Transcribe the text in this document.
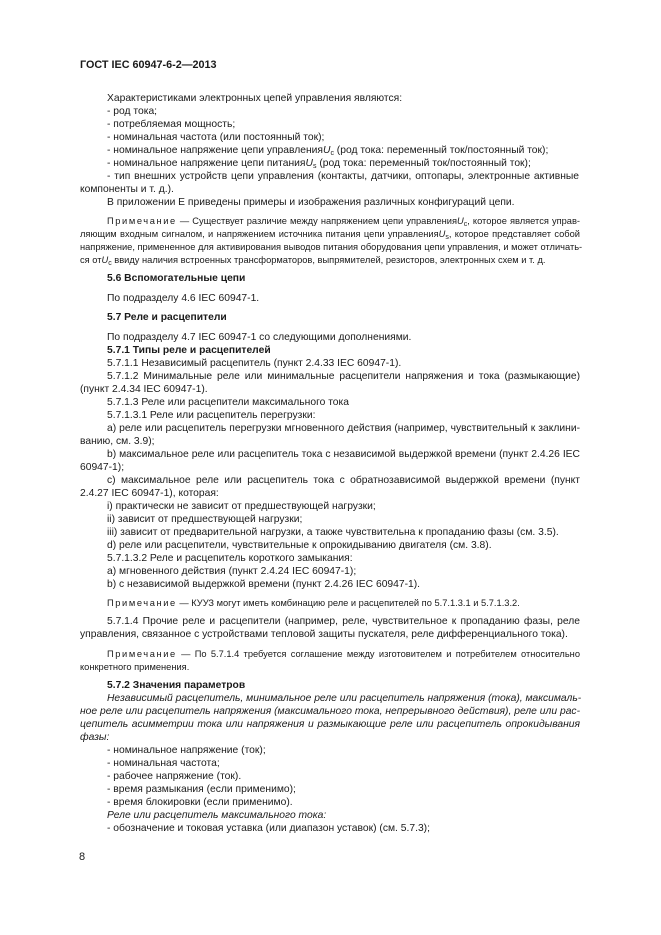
ГОСТ IEC 60947-6-2—2013
Характеристиками электронных цепей управления являются:
- род тока;
- потребляемая мощность;
- номинальная частота (или постоянный ток);
- номинальное напряжение цепи управленияU$_c$ (род тока: переменный ток/постоянный ток);
- номинальное напряжение цепи питанияU$_s$ (род тока: переменный ток/постоянный ток);
- тип внешних устройств цепи управления (контакты, датчики, оптопары, электронные активные
компоненты и т. д.).
В приложении Е приведены примеры и изображения различных конфигураций цепи.
Примечание — Существует различие между напряжением цепи управленияU$_c$, которое является управ-
ляющим входным сигналом, и напряжением источника питания цепи управленияU$_s$, которое представляет собой
напряжение, примененное для активирования выводов питания оборудования цепи управления, и может отличать-
ся отU$_c$ ввиду наличия встроенных трансформаторов, выпрямителей, резисторов, электронных схем и т. д.
5.6 Вспомогательные цепи
По подразделу 4.6 IEC 60947-1.
5.7 Реле и расцепители
По подразделу 4.7 IEC 60947-1 со следующими дополнениями.
5.7.1 Типы реле и расцепителей
5.7.1.1 Независимый расцепитель (пункт 2.4.33 IEC 60947-1).
5.7.1.2 Минимальные реле или минимальные расцепители напряжения и тока (размыкающие)
(пункт 2.4.34 IEC 60947-1).
5.7.1.3 Реле или расцепители максимального тока
5.7.1.3.1 Реле или расцепитель перегрузки:
a) реле или расцепитель перегрузки мгновенного действия (например, чувствительный к заклини-
ванию, см. 3.9);
b) максимальное реле или расцепитель тока с независимой выдержкой времени (пункт 2.4.26 IEC
60947-1);
c) максимальное реле или расцепитель тока с обратнозависимой выдержкой времени (пункт
2.4.27 IEC 60947-1), которая:
i) практически не зависит от предшествующей нагрузки;
ii) зависит от предшествующей нагрузки;
iii) зависит от предварительной нагрузки, а также чувствительна к пропаданию фазы (см. 3.5).
d) реле или расцепители, чувствительные к опрокидыванию двигателя (см. 3.8).
5.7.1.3.2 Реле и расцепитель короткого замыкания:
a) мгновенного действия (пункт 2.4.24 IEC 60947-1);
b) с независимой выдержкой времени (пункт 2.4.26 IEC 60947-1).
Примечание — КУУЗ могут иметь комбинацию реле и расцепителей по 5.7.1.3.1 и 5.7.1.3.2.
5.7.1.4 Прочие реле и расцепители (например, реле, чувствительное к пропаданию фазы, реле
управления, связанное с устройствами тепловой защиты пускателя, реле дифференциального тока).
Примечание — По 5.7.1.4 требуется соглашение между изготовителем и потребителем относительно
конкретного применения.
5.7.2 Значения параметров
Независимый расцепитель, минимальное реле или расцепитель напряжения (тока), максималь-
ное реле или расцепитель напряжения (максимального тока, непрерывного действия), реле или рас-
цепитель асимметрии тока или напряжения и размыкающие реле или расцепитель опрокидывания
фазы:
- номинальное напряжение (ток);
- номинальная частота;
- рабочее напряжение (ток).
- время размыкания (если применимо);
- время блокировки (если применимо).
Реле или расцепитель максимального тока:
- обозначение и токовая уставка (или диапазон уставок) (см. 5.7.3);
8
